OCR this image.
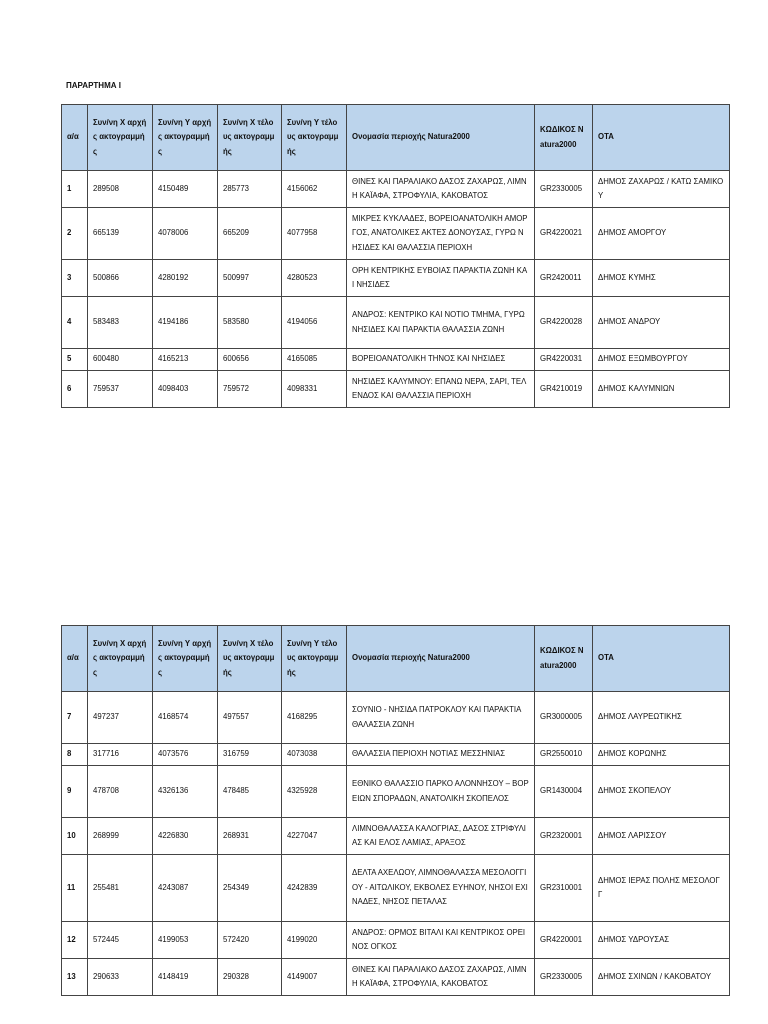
ΠΑΡΑΡΤΗΜΑ Ι
α/α	Συν/νη Χ αρχής ακτογραμμής	Συν/νη Υ αρχής ακτογραμμής	Συν/νη Χ τέλους ακτογραμμής	Συν/νη Υ τέλους ακτογραμμής	Ονομασία περιοχής Natura2000	ΚΩΔΙΚΟΣ Natura2000	ΟΤΑ
1	289508	4150489	285773	4156062	ΘΙΝΕΣ ΚΑΙ ΠΑΡΑΛΙΑΚΟ ΔΑΣΟΣ ΖΑΧΑΡΩΣ, ΛΙΜΝΗ ΚΑΪΑΦΑ, ΣΤΡΟΦΥΛΙΑ, ΚΑΚΟΒΑΤΟΣ	GR2330005	ΔΗΜΟΣ ΖΑΧΑΡΩΣ / ΚΑΤΩ ΣΑΜΙΚΟΥ
2	665139	4078006	665209	4077958	ΜΙΚΡΕΣ ΚΥΚΛΑΔΕΣ, ΒΟΡΕΙΟΑΝΑΤΟΛΙΚΗ ΑΜΟΡΓΟΣ, ΑΝΑΤΟΛΙΚΕΣ ΑΚΤΕΣ ΔΟΝΟΥΣΑΣ, ΓΥΡΩ ΝΗΣΙΔΕΣ ΚΑΙ ΘΑΛΑΣΣΙΑ ΠΕΡΙΟΧΗ	GR4220021	ΔΗΜΟΣ ΑΜΟΡΓΟΥ
3	500866	4280192	500997	4280523	ΟΡΗ ΚΕΝΤΡΙΚΗΣ ΕΥΒΟΙΑΣ ΠΑΡΑΚΤΙΑ ΖΩΝΗ ΚΑΙ ΝΗΣΙΔΕΣ	GR2420011	ΔΗΜΟΣ ΚΥΜΗΣ
4	583483	4194186	583580	4194056	ΑΝΔΡΟΣ: ΚΕΝΤΡΙΚΟ ΚΑΙ ΝΟΤΙΟ ΤΜΗΜΑ, ΓΥΡΩ ΝΗΣΙΔΕΣ ΚΑΙ ΠΑΡΑΚΤΙΑ ΘΑΛΑΣΣΙΑ ΖΩΝΗ	GR4220028	ΔΗΜΟΣ ΑΝΔΡΟΥ
5	600480	4165213	600656	4165085	ΒΟΡΕΙΟΑΝΑΤΟΛΙΚΗ ΤΗΝΟΣ ΚΑΙ ΝΗΣΙΔΕΣ	GR4220031	ΔΗΜΟΣ ΕΞΩΜΒΟΥΡΓΟΥ
6	759537	4098403	759572	4098331	ΝΗΣΙΔΕΣ ΚΑΛΥΜΝΟΥ: ΕΠΑΝΩ ΝΕΡΑ, ΣΑΡΙ, ΤΕΛΕΝΔΟΣ ΚΑΙ ΘΑΛΑΣΣΙΑ ΠΕΡΙΟΧΗ	GR4210019	ΔΗΜΟΣ ΚΑΛΥΜΝΙΩΝ
α/α	Συν/νη Χ αρχής ακτογραμμής	Συν/νη Υ αρχής ακτογραμμής	Συν/νη Χ τέλους ακτογραμμής	Συν/νη Υ τέλους ακτογραμμής	Ονομασία περιοχής Natura2000	ΚΩΔΙΚΟΣ Natura2000	ΟΤΑ
7	497237	4168574	497557	4168295	ΣΟΥΝΙΟ - ΝΗΣΙΔΑ ΠΑΤΡΟΚΛΟΥ ΚΑΙ ΠΑΡΑΚΤΙΑ ΘΑΛΑΣΣΙΑ ΖΩΝΗ	GR3000005	ΔΗΜΟΣ ΛΑΥΡΕΩΤΙΚΗΣ
8	317716	4073576	316759	4073038	ΘΑΛΑΣΣΙΑ ΠΕΡΙΟΧΗ ΝΟΤΙΑΣ ΜΕΣΣΗΝΙΑΣ	GR2550010	ΔΗΜΟΣ ΚΟΡΩΝΗΣ
9	478708	4326136	478485	4325928	ΕΘΝΙΚΟ ΘΑΛΑΣΣΙΟ ΠΑΡΚΟ ΑΛΟΝΝΗΣΟΥ – ΒΟΡΕΙΩΝ ΣΠΟΡΑΔΩΝ, ΑΝΑΤΟΛΙΚΗ ΣΚΟΠΕΛΟΣ	GR1430004	ΔΗΜΟΣ ΣΚΟΠΕΛΟΥ
10	268999	4226830	268931	4227047	ΛΙΜΝΟΘΑΛΑΣΣΑ ΚΑΛΟΓΡΙΑΣ, ΔΑΣΟΣ ΣΤΡΙΦΥΛΙΑΣ ΚΑΙ ΕΛΟΣ ΛΑΜΙΑΣ, ΑΡΑΞΟΣ	GR2320001	ΔΗΜΟΣ ΛΑΡΙΣΣΟΥ
11	255481	4243087	254349	4242839	ΔΕΛΤΑ ΑΧΕΛΩΟΥ, ΛΙΜΝΟΘΑΛΑΣΣΑ ΜΕΣΟΛΟΓΓΙΟΥ - ΑΙΤΩΛΙΚΟΥ, ΕΚΒΟΛΕΣ ΕΥΗΝΟΥ, ΝΗΣΟΙ ΕΧΙΝΑΔΕΣ, ΝΗΣΟΣ ΠΕΤΑΛΑΣ	GR2310001	ΔΗΜΟΣ ΙΕΡΑΣ ΠΟΛΗΣ ΜΕΣΟΛΟΓΓ
12	572445	4199053	572420	4199020	ΑΝΔΡΟΣ: ΟΡΜΟΣ ΒΙΤΑΛΙ ΚΑΙ ΚΕΝΤΡΙΚΟΣ ΟΡΕΙΝΟΣ ΟΓΚΟΣ	GR4220001	ΔΗΜΟΣ ΥΔΡΟΥΣΑΣ
13	290633	4148419	290328	4149007	ΘΙΝΕΣ ΚΑΙ ΠΑΡΑΛΙΑΚΟ ΔΑΣΟΣ ΖΑΧΑΡΩΣ, ΛΙΜΝΗ ΚΑΪΑΦΑ, ΣΤΡΟΦΥΛΙΑ, ΚΑΚΟΒΑΤΟΣ	GR2330005	ΔΗΜΟΣ ΣΧΙΝΩΝ / ΚΑΚΟΒΑΤΟΥ
